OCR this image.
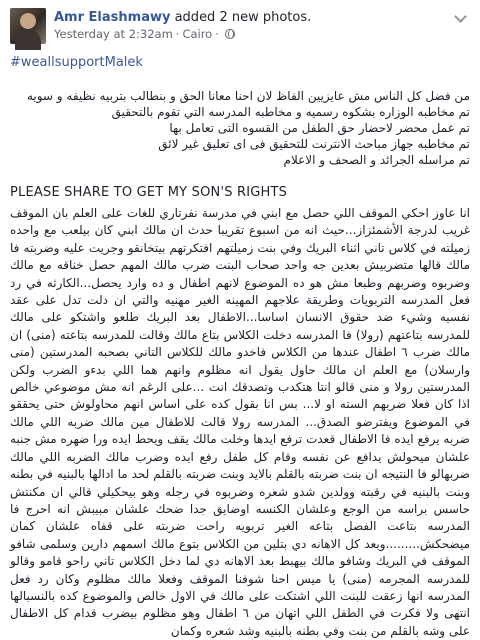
Amr Elashmawy added 2 new photos.
Yesterday at 2:32am · Cairo ·
#weallsupportMalek

من فضل كل الناس مش عايزيين الفاظ لان احنا معانا الحق و بنطالب بتربيه نظيفه و سويه

تم مخاطبه الوزاره بشكوه رسميه و مخاطبه المدرسه التي تقوم بالتحقيق

تم عمل محضر لاحضار حق الطفل من القسوه التى تعامل بها

تم مخاطبه جهاز مباحث الانترنت للتحقيق فى اى تعليق غير لائق

تم مراسله الجرائد و الصحف و الاعلام

PLEASE SHARE TO GET MY SON'S RIGHTS
انا عاوز احكي الموقف اللي حصل مع ابني في مدرسة نفرتاري للغات على العلم بان الموقف غريب لدرجة الأشمئزاز...حيث انه من اسبوع تقريبا حدث ان مالك ابني كان بيلعب مع واحده زميلته في كلاس تاني اثناء البريك وفي بنت زميلتهم افتكرتهم بيتخانقو وجريت عليه وضربته فا مالك قالها متضربيش بعدين جه واحد صحاب البنت ضرب مالك المهم حصل خناقه مع مالك وضربوه وضربهم وطبعا مش هو ده الموضوع لانهم اطفال و ده وارد يحصل...الكارثه في رد فعل المدرسه التربويات وطريقة علاجهم المهينه الغير مهنيه والتي ان دلت تدل على عقد نفسيه وشيء ضد حقوق الانسان اساسا...الاطفال بعد البريك طلعو واشتكو على مالك للمدرسه بتاعتهم (رولا) فا المدرسه دخلت الكلاس بتاع مالك وقالت للمدرسه بتاعته (منى) ان مالك ضرب ٦ اطفال عندها من الكلاس فاخدو مالك للكلاس التاني بصحبه المدرستين (منى وارسلان) مع العلم ان مالك حاول يقول انه مظلوم وانهم هما اللي بدءو الضرب ولكن المدرستين رولا و منى قالو انتا هتكدب وتصدقك انت ...على الرغم انه مش موضوعي خالص اذا كان فعلا ضربهم السته او لا... بس انا بقول كده على اساس انهم محاولوش حتى يحققو في الموضوع ويفترضو الصدق... المدرسه رولا قالت للاطفال مين مالك ضربه اللي مالك ضربه يرفع ايده فا الاطفال قعدت ترفع ايدها وخلت مالك يقف ويحط ايده ورا ضهره مش جنبه علشان ميحولش يدافع عن نفسه وقام كل طفل رفع ايده وضرب مالك الضربه اللي مالك ضربهالو فا النتيجه ان بنت ضربته بالقلم بالايد وبنت ضربته بالقلم لحد ما ادالها بالبنيه في بطنه وبنت بالبنيه في رقبته وولدين شدو شعره وضربوه في رجله وهو بيحكيلي قالي ان مكنتش حاسس براسه من الوجع وعلشان الكنسه اوضايق جدا ضحك علشان مبيبش انه احرج فا المدرسه بتاعت الفصل بتاعه الغير تربويه راحت ضربته على قفاه علشان كمان ميضحكش.........وبعد كل الاهانه دي بتلين من الكلاس بتوع مالك اسمهم دارين وسلمى شافو الموقف في البريك وشافو مالك بيهبط بعد الاهانه دي لما دخل الكلاس تاني راحو قامو وقالو للمدرسه المجرمه (منى) يا ميس احنا شوفنا الموقف وفعلا مالك مظلوم وكان رد فعل المدرسه انها زعقت للبنت اللي اشتكت على مالك في الاول خالص والموضوع كده بالنسبالها انتهى ولا فكرت في الطفل اللي اتهان من ٦ اطفال وهو مظلوم بيضرب قدام كل الاطفال على وشه بالقلم من بنت وفي بطنه بالبنيه وشد شعره وكمان
